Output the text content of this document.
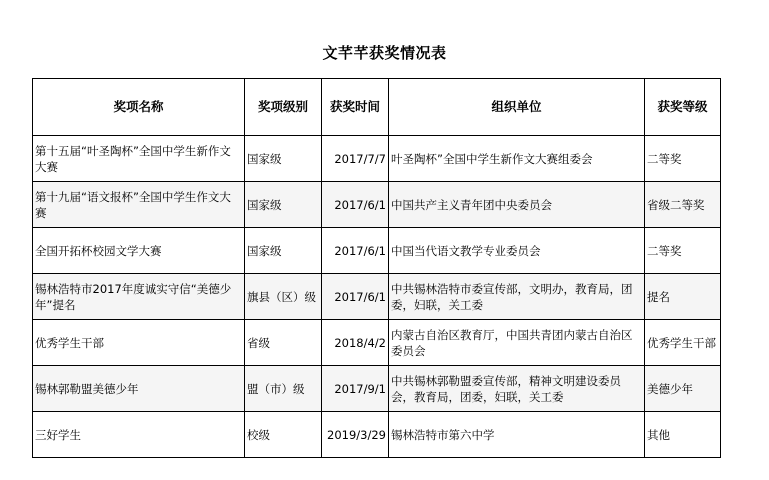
文芊芊获奖情况表
奖项名称	奖项级别	获奖时间	组织单位	获奖等级
第十五届“叶圣陶杯”全国中学生新作文大赛	国家级	2017/7/7	叶圣陶杯”全国中学生新作文大赛组委会	二等奖
第十九届“语文报杯”全国中学生作文大赛	国家级	2017/6/1	中国共产主义青年团中央委员会	省级二等奖
全国开拓杯校园文学大赛	国家级	2017/6/1	中国当代语文教学专业委员会	二等奖
锡林浩特市2017年度诚实守信“美德少年”提名	旗县（区）级	2017/6/1	中共锡林浩特市委宣传部，文明办，教育局，团委，妇联，关工委	提名
优秀学生干部	省级	2018/4/2	内蒙古自治区教育厅，中国共青团内蒙古自治区委员会	优秀学生干部
锡林郭勒盟美德少年	盟（市）级	2017/9/1	中共锡林郭勒盟委宣传部，精神文明建设委员会，教育局，团委，妇联，关工委	美德少年
三好学生	校级	2019/3/29	锡林浩特市第六中学	其他
